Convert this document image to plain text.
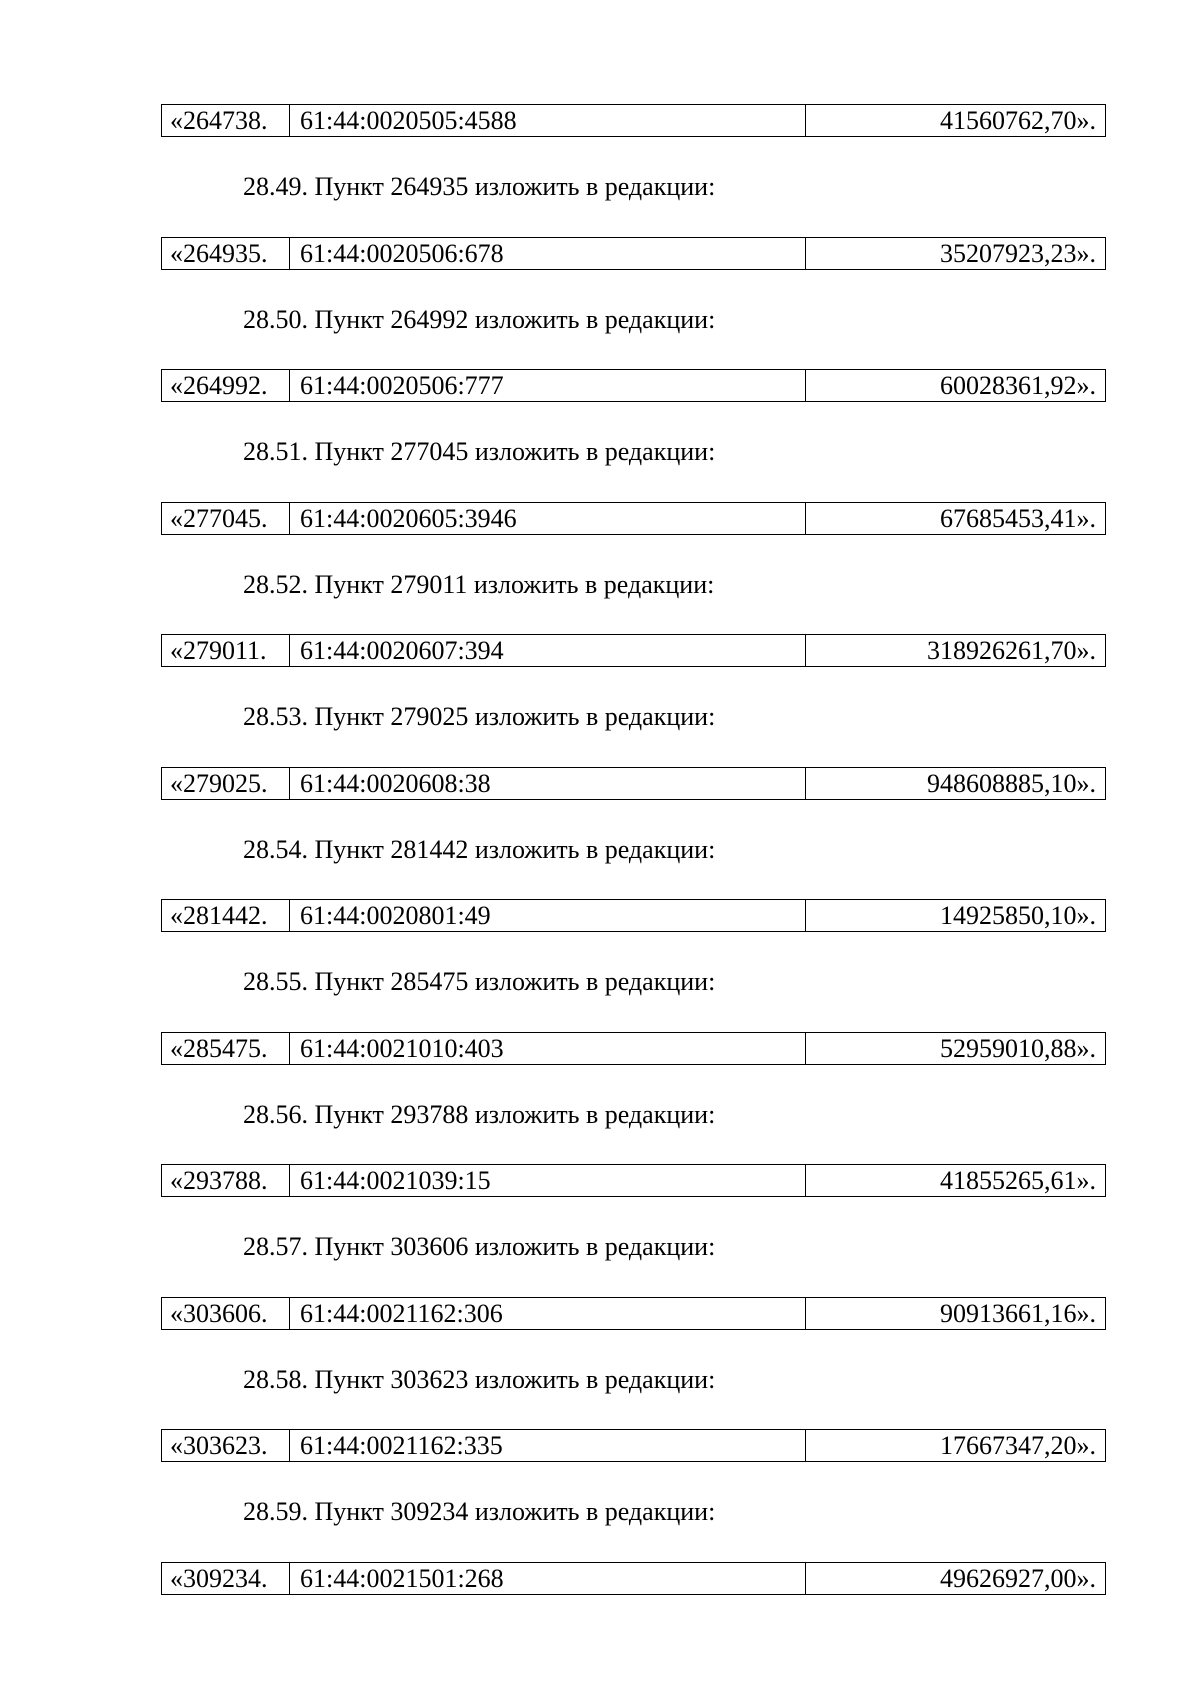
«264738.	61:44:0020505:4588	41560762,70».
28.49. Пункт 264935 изложить в редакции:
«264935.	61:44:0020506:678	35207923,23».
28.50. Пункт 264992 изложить в редакции:
«264992.	61:44:0020506:777	60028361,92».
28.51. Пункт 277045 изложить в редакции:
«277045.	61:44:0020605:3946	67685453,41».
28.52. Пункт 279011 изложить в редакции:
«279011.	61:44:0020607:394	318926261,70».
28.53. Пункт 279025 изложить в редакции:
«279025.	61:44:0020608:38	948608885,10».
28.54. Пункт 281442 изложить в редакции:
«281442.	61:44:0020801:49	14925850,10».
28.55. Пункт 285475 изложить в редакции:
«285475.	61:44:0021010:403	52959010,88».
28.56. Пункт 293788 изложить в редакции:
«293788.	61:44:0021039:15	41855265,61».
28.57. Пункт 303606 изложить в редакции:
«303606.	61:44:0021162:306	90913661,16».
28.58. Пункт 303623 изложить в редакции:
«303623.	61:44:0021162:335	17667347,20».
28.59. Пункт 309234 изложить в редакции:
«309234.	61:44:0021501:268	49626927,00».
